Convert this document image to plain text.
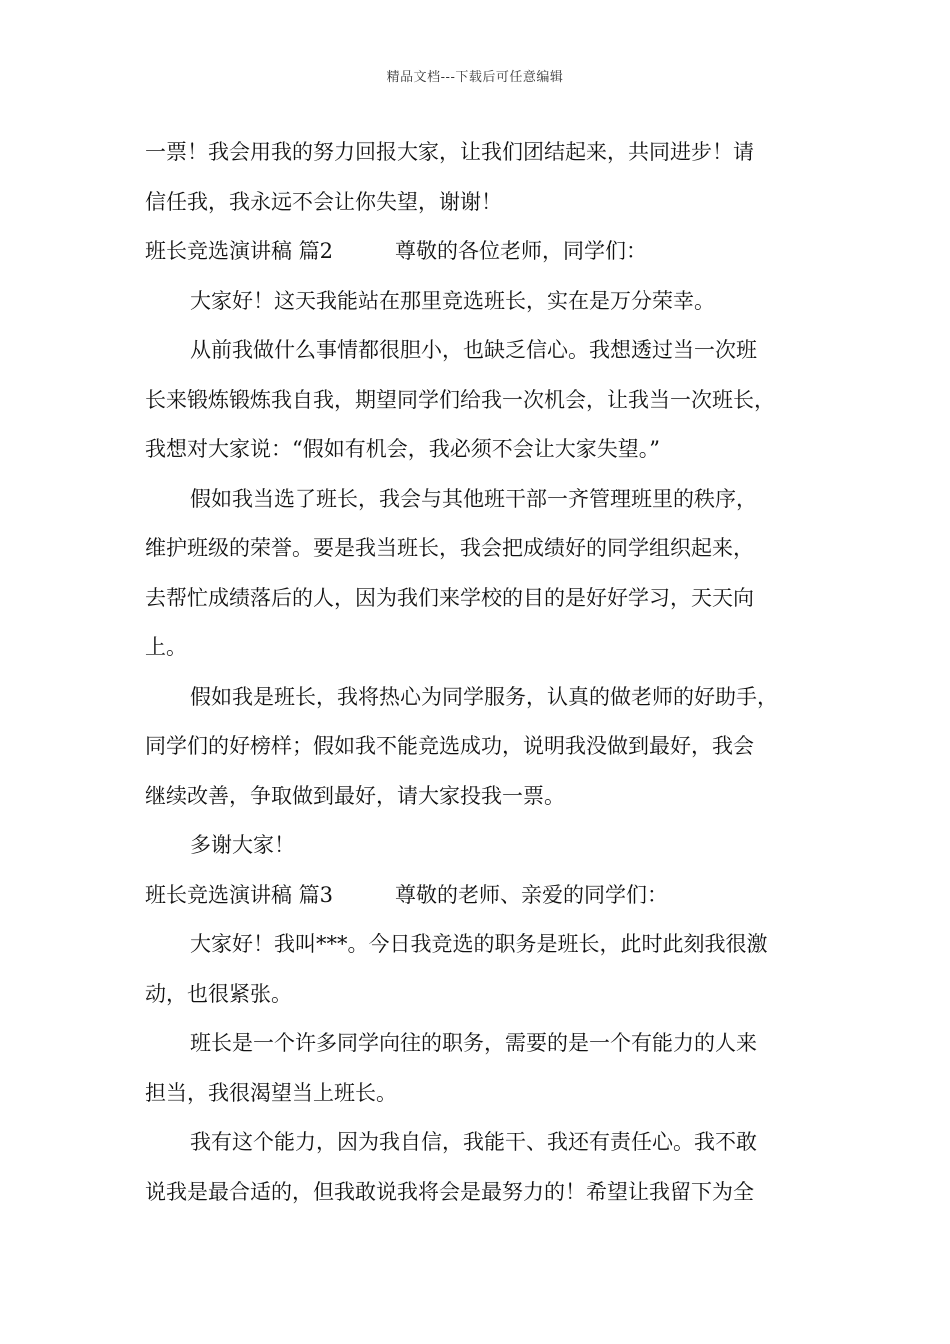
精品文档---下载后可任意编辑
一票！我会用我的努力回报大家，让我们团结起来，共同进步！请
信任我，我永远不会让你失望，谢谢！
班长竞选演讲稿 篇2	尊敬的各位老师，同学们：
大家好！这天我能站在那里竞选班长，实在是万分荣幸。
从前我做什么事情都很胆小，也缺乏信心。我想透过当一次班
长来锻炼锻炼我自我，期望同学们给我一次机会，让我当一次班长，
我想对大家说：“假如有机会，我必须不会让大家失望。”
假如我当选了班长，我会与其他班干部一齐管理班里的秩序，
维护班级的荣誉。要是我当班长，我会把成绩好的同学组织起来，
去帮忙成绩落后的人，因为我们来学校的目的是好好学习，天天向
上。
假如我是班长，我将热心为同学服务，认真的做老师的好助手，
同学们的好榜样；假如我不能竞选成功，说明我没做到最好，我会
继续改善，争取做到最好，请大家投我一票。
多谢大家！
班长竞选演讲稿 篇3	尊敬的老师、亲爱的同学们：
大家好！我叫***。今日我竞选的职务是班长，此时此刻我很激
动，也很紧张。
班长是一个许多同学向往的职务，需要的是一个有能力的人来
担当，我很渴望当上班长。
我有这个能力，因为我自信，我能干、我还有责任心。我不敢
说我是最合适的，但我敢说我将会是最努力的！希望让我留下为全
